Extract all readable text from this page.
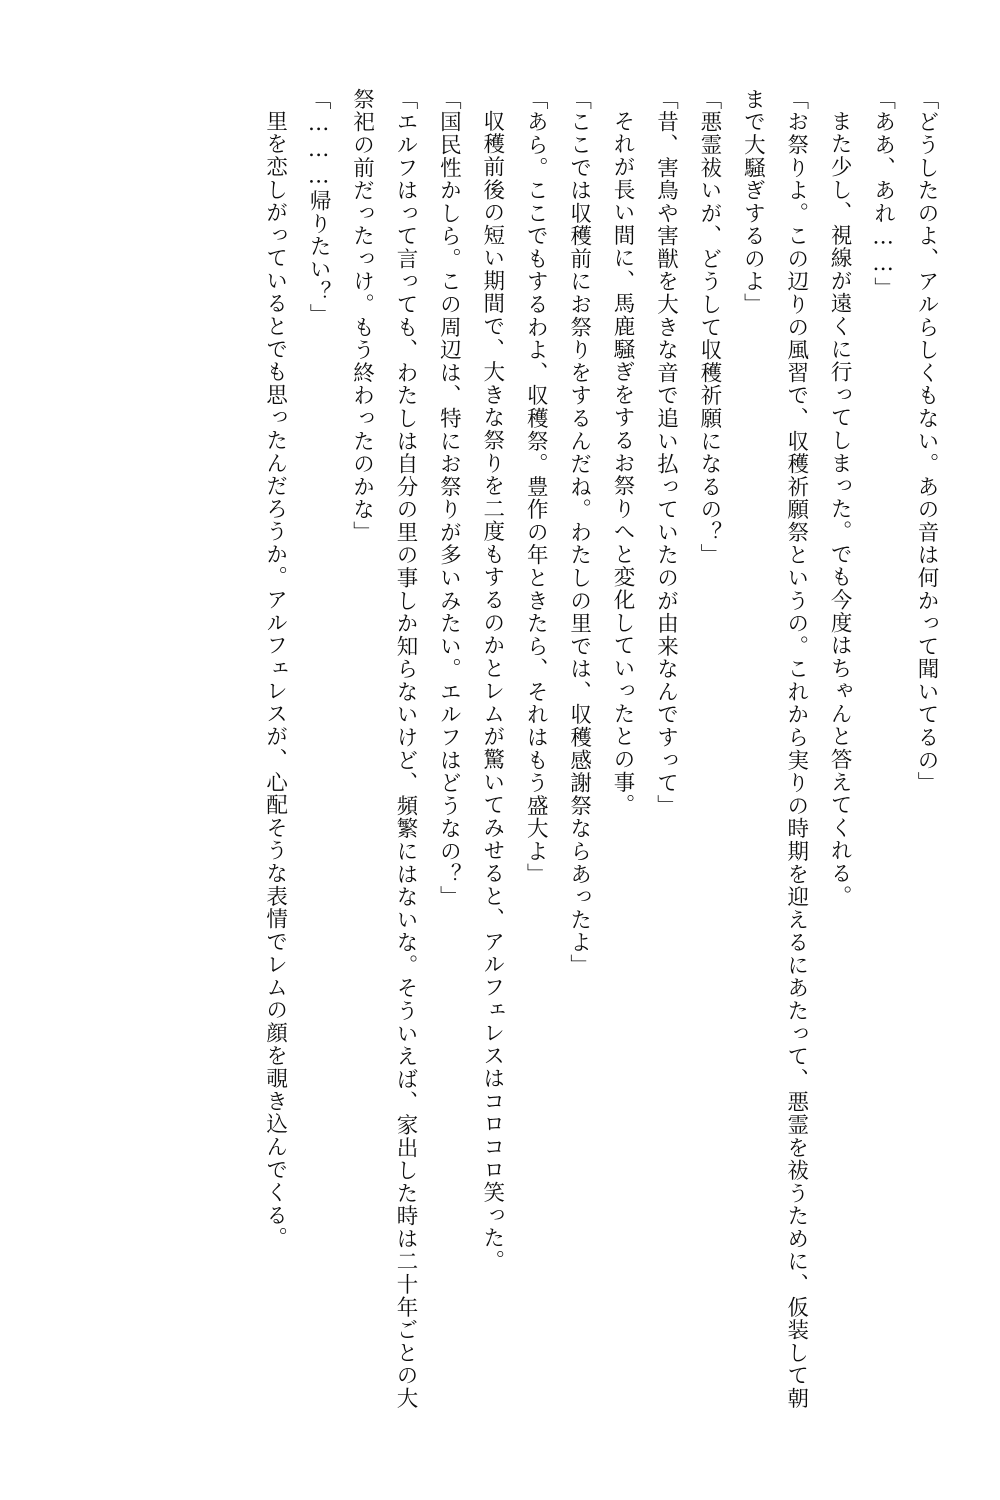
「どうしたのよ、アルらしくもない。あの音は何かって聞いてるの」

「ああ、あれ……」

また少し、視線が遠くに行ってしまった。でも今度はちゃんと答えてくれる。

「お祭りよ。この辺りの風習で、収穫祈願祭というの。これから実りの時期を迎えるにあたって、悪霊を祓うために、仮装して朝まで大騒ぎするのよ」

「悪霊祓いが、どうして収穫祈願になるの？」

「昔、害鳥や害獣を大きな音で追い払っていたのが由来なんですって」

それが長い間に、馬鹿騒ぎをするお祭りへと変化していったとの事。

「ここでは収穫前にお祭りをするんだね。わたしの里では、収穫感謝祭ならあったよ」

「あら。ここでもするわよ、収穫祭。豊作の年ときたら、それはもう盛大よ」

収穫前後の短い期間で、大きな祭りを二度もするのかとレムが驚いてみせると、アルフェレスはコロコロ笑った。

「国民性かしら。この周辺は、特にお祭りが多いみたい。エルフはどうなの？」

「エルフはって言っても、わたしは自分の里の事しか知らないけど、頻繁にはないな。そういえば、家出した時は二十年ごとの大祭祀の前だったっけ。もう終わったのかな」

「………帰りたい？」

里を恋しがっているとでも思ったんだろうか。アルフェレスが、心配そうな表情でレムの顔を覗き込んでくる。
